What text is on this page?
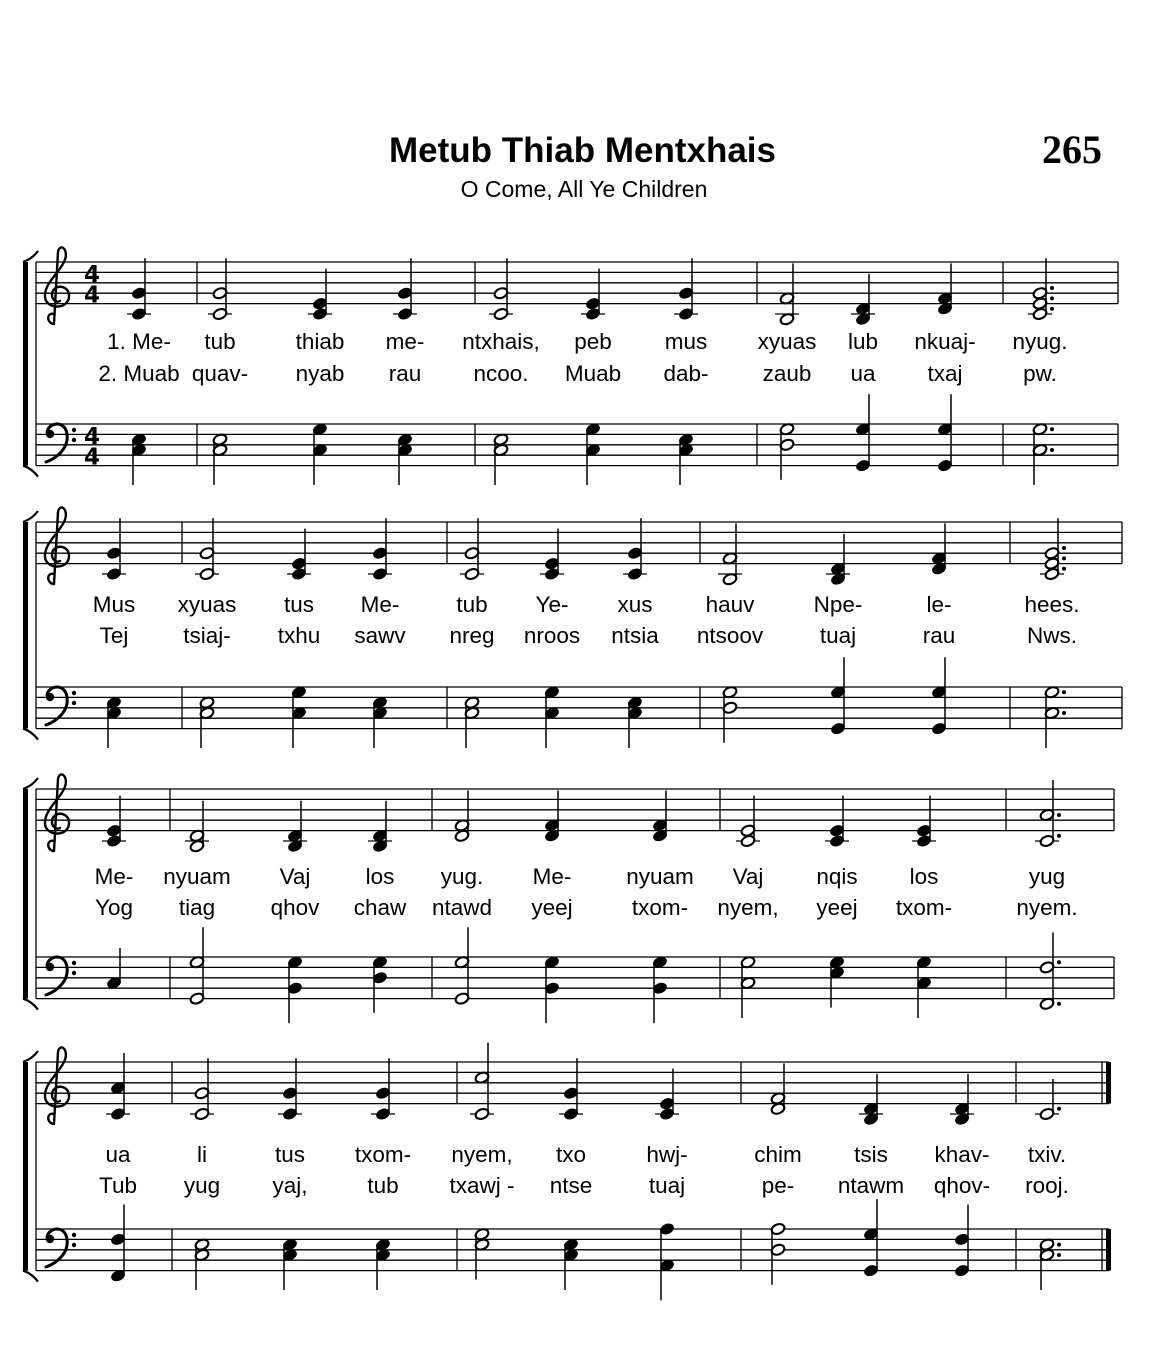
Metub Thiab Mentxhais
O Come, All Ye Children
265
4
4
4
4
1. Me- tub	thiab me- ntxhais, peb mus xyuas lub nkuaj- nyug.
2. Muab quav- nyab rau ncoo. Muab dab- zaub ua txaj	pw.
Mus xyuas tus Me-	tub Ye- xus hauv	Npe-	le-	hees.
Tej tsiaj- txhu sawv nreg nroos ntsia ntsoov	tuaj	rau	Nws.
Me- nyuam Vaj los yug. Me- nyuam Vaj nqis los	yug
Yog tiag qhov chaw ntawd yeej	txom- nyem, yeej txom-	nyem.
ua	li	tus txom- nyem, txo	hwj-	chim tsis khav- txiv.
Tub yug yaj,	tub txawj - ntse	tuaj	pe- ntawm qhov- rooj.
